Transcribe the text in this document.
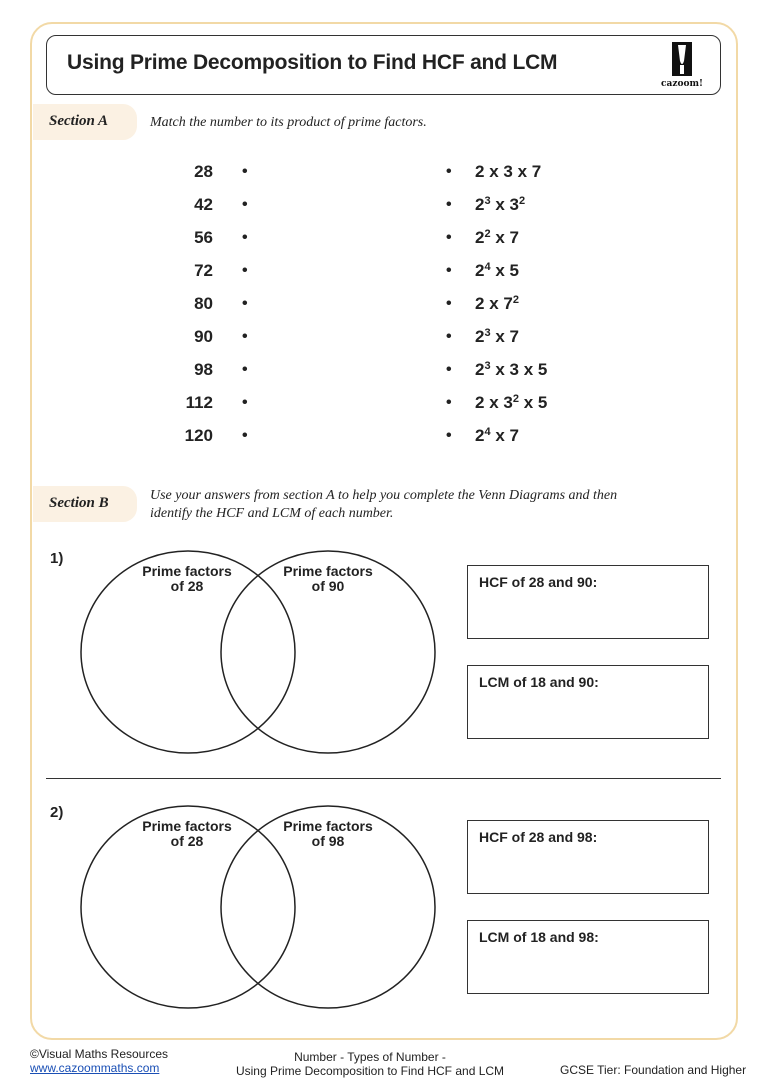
Using Prime Decomposition to Find HCF and LCM
cazoom!
Section A	Match the number to its product of prime factors.
28 •	• 2 x 3 x 7
42 •	• $2^3$ x $3^2$
56 •	• $2^2$ x 7
72 •	• $2^4$ x 5
80 •	• 2 x $7^2$
90 •	• $2^3$ x 7
98 •	• $2^3$ x 3 x 5
112 •	• 2 x $3^2$ x 5
120 •	• $2^4$ x 7
Section B	Use your answers from section A to help you complete the Venn Diagrams and then
identify the HCF and LCM of each number.
1)
Prime factors
of 28
Prime factors
of 90	HCF of 28 and 90:
LCM of 18 and 90:
2)
Prime factors
of 28
Prime factors
of 98	HCF of 28 and 98:
LCM of 18 and 98:
©Visual Maths Resources
www.cazoommaths.com
Number - Types of Number -
Using Prime Decomposition to Find HCF and LCM	GCSE Tier: Foundation and Higher
